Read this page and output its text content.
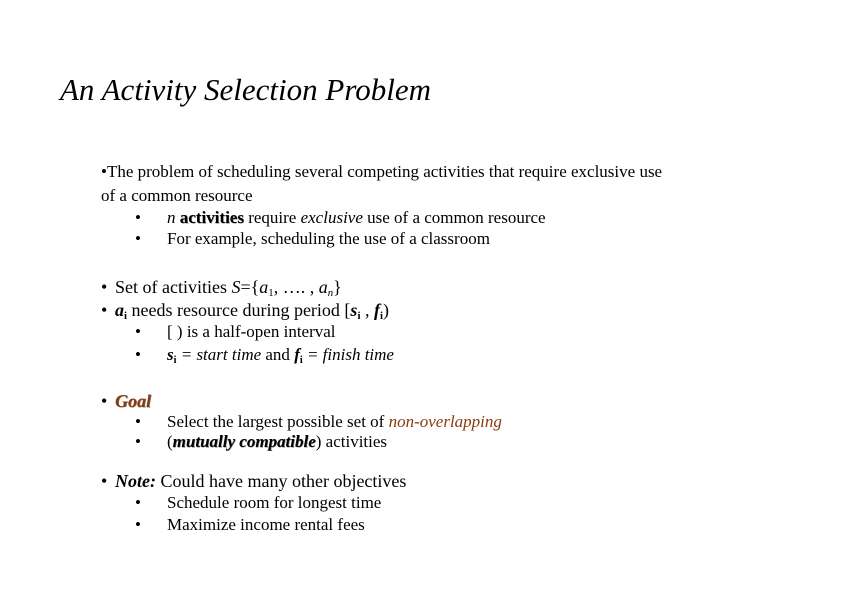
An Activity Selection Problem
•The problem of scheduling several competing activities that require exclusive use
of a common resource
• n activities require exclusive use of a common resource
• For example, scheduling the use of a classroom
• Set of activities $S=\{a_1$, …. , $a_n$}
• $a_i$ needs resource during period [$s_i$ , $f_i$)
• [ ) is a half-open interval
• $s_i$ = start time and $f_i$ = finish time
• Goal
• Select the largest possible set of non-overlapping
• (mutually compatible) activities
• Note: Could have many other objectives
• Schedule room for longest time
• Maximize income rental fees
